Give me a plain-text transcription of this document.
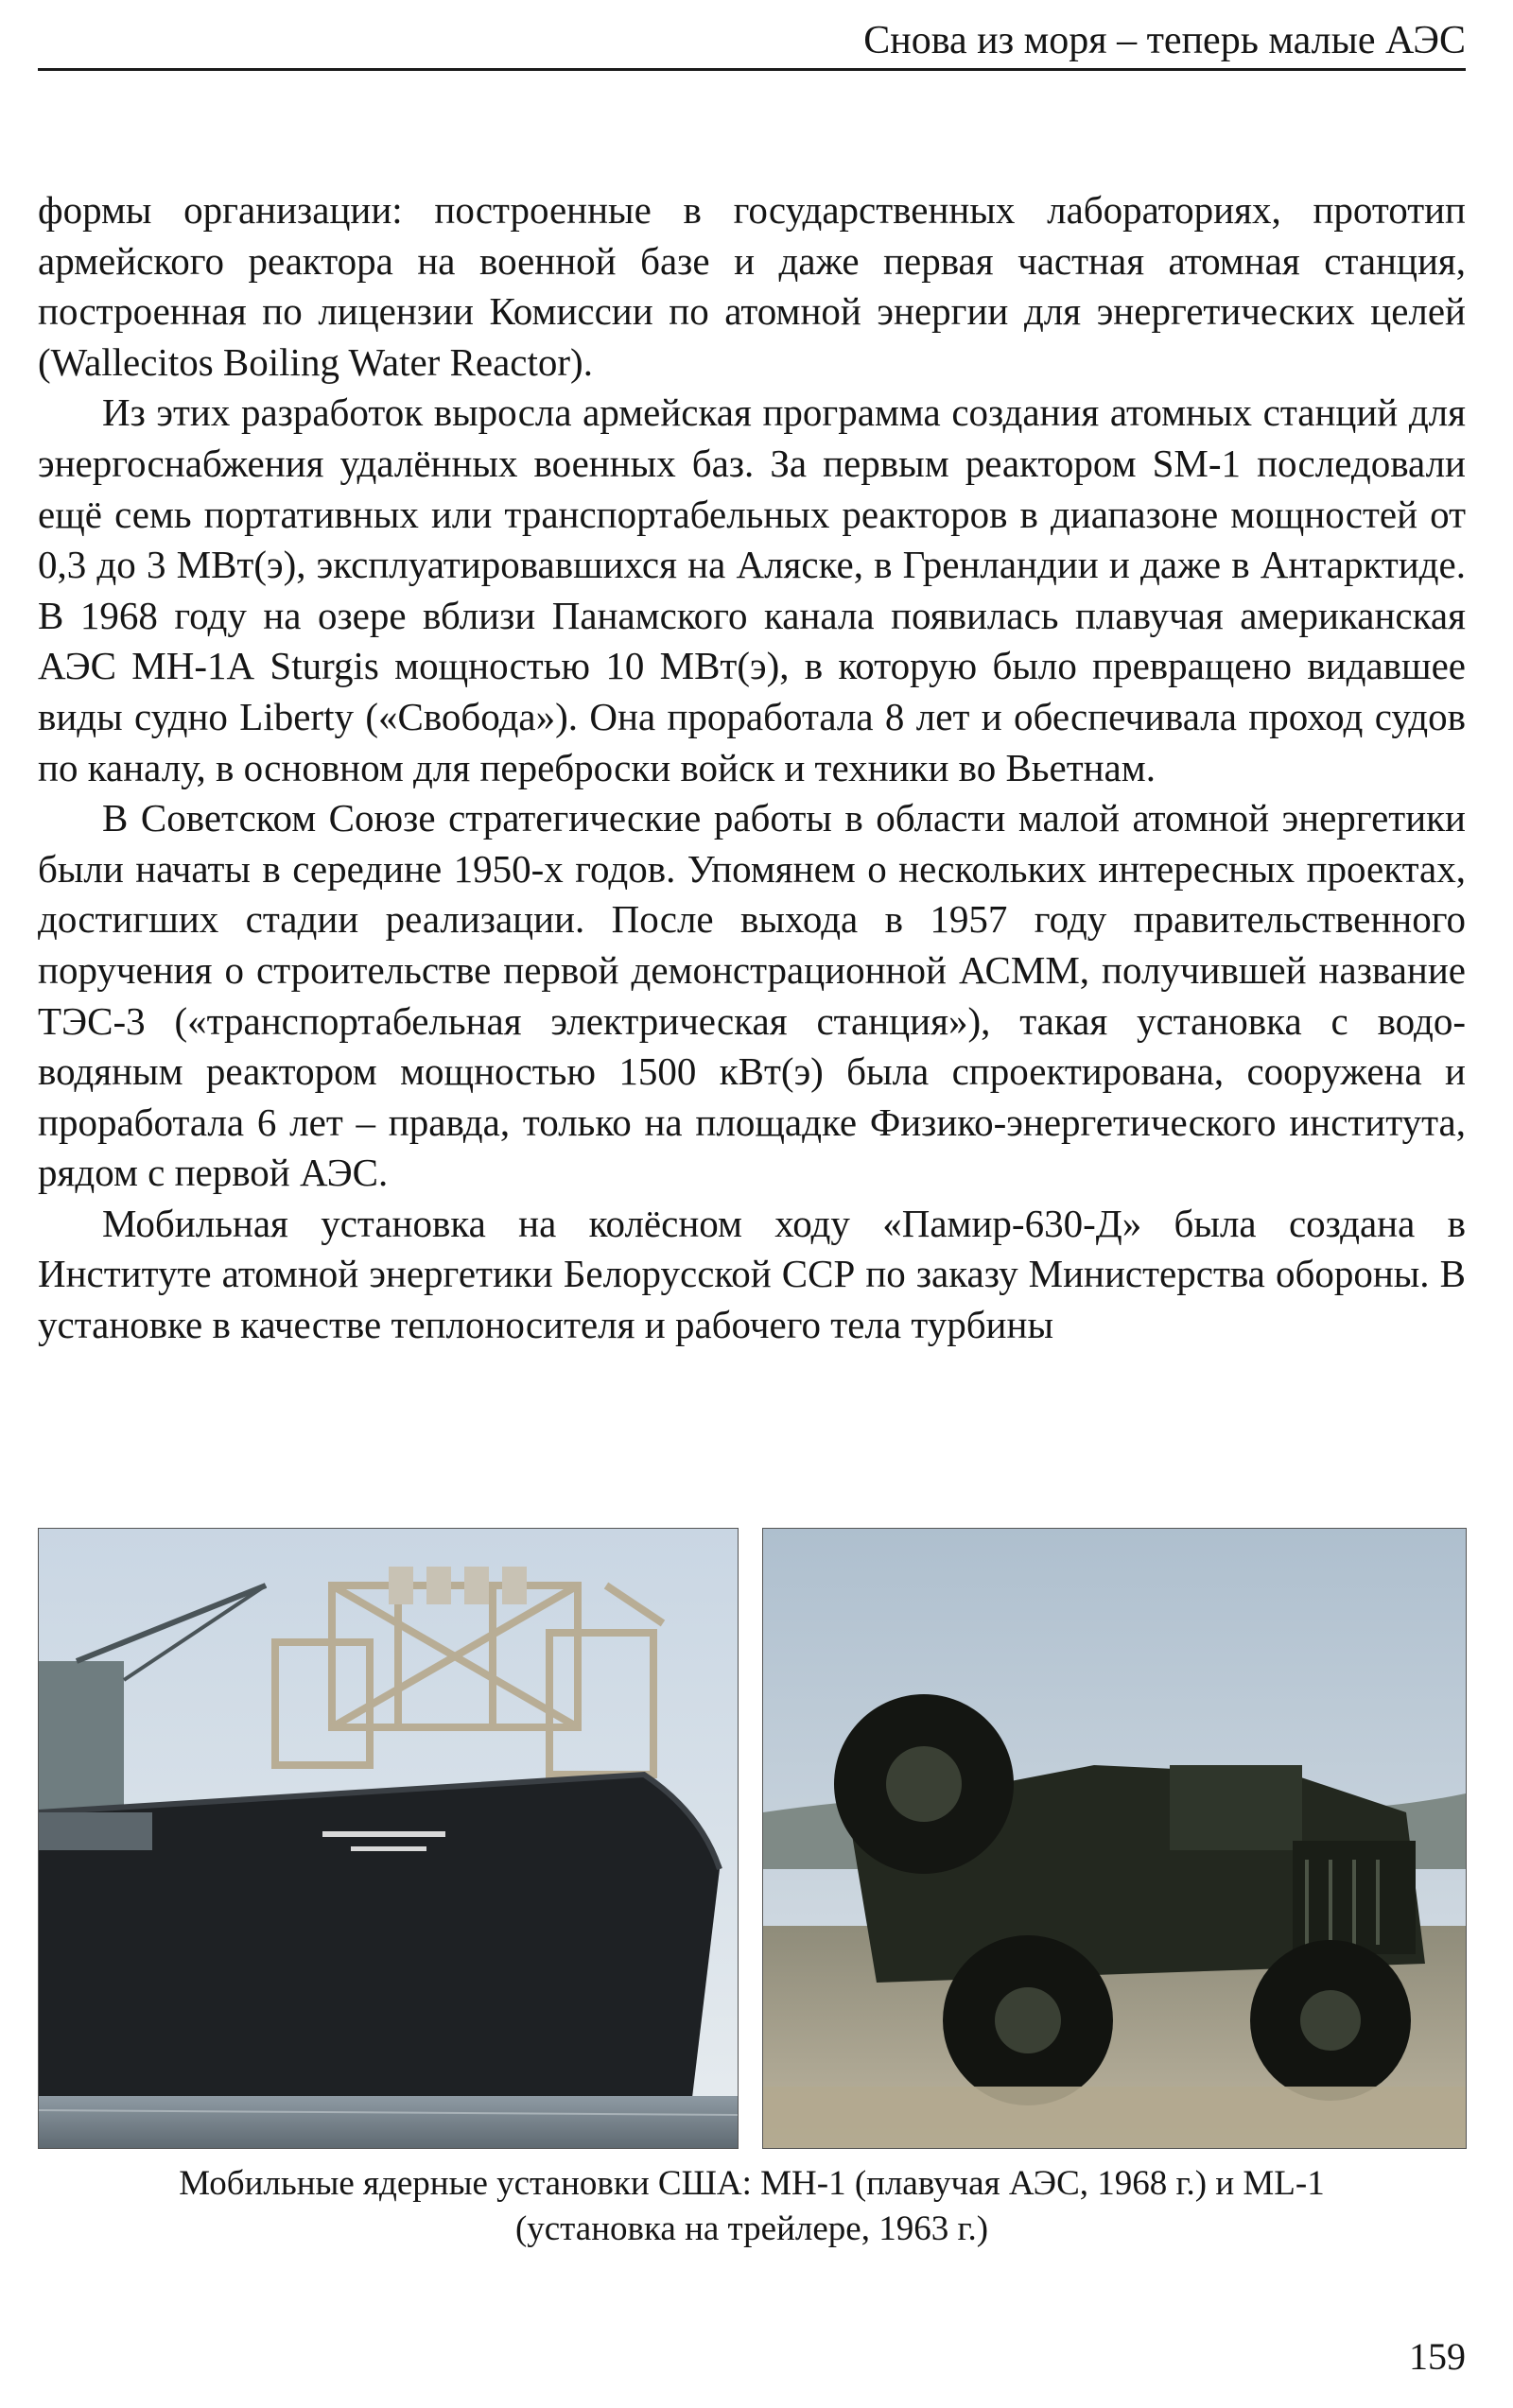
Снова из моря – теперь малые АЭС

формы организации: построенные в государственных лабораториях, прототип армейского реактора на военной базе и даже первая частная атомная станция, построенная по лицензии Комиссии по атомной энергии для энергетических целей (Wallecitos Boiling Water Reactor).

Из этих разработок выросла армейская программа создания атомных станций для энергоснабжения удалённых военных баз. За первым реактором SM-1 последовали ещё семь портативных или транспортабельных реакторов в диапазоне мощностей от 0,3 до 3 МВт(э), эксплуатировавшихся на Аляске, в Гренландии и даже в Антарктиде. В 1968 году на озере вблизи Панамского канала появилась плавучая американская АЭС МН-1А Sturgis мощностью 10 МВт(э), в которую было превращено видавшее виды судно Liberty («Свобода»). Она проработала 8 лет и обеспечивала проход судов по каналу, в основном для переброски войск и техники во Вьетнам.

В Советском Союзе стратегические работы в области малой атомной энергетики были начаты в середине 1950-х годов. Упомянем о нескольких интересных проектах, достигших стадии реализации. После выхода в 1957 году правительственного поручения о строительстве первой демонстрационной АСММ, получившей название ТЭС-3 («транспортабельная электрическая станция»), такая установка с водо-водяным реактором мощностью 1500 кВт(э) была спроектирована, сооружена и проработала 6 лет – правда, только на площадке Физико-энергетического института, рядом с первой АЭС.

Мобильная установка на колёсном ходу «Памир-630-Д» была создана в Институте атомной энергетики Белорусской ССР по заказу Министерства обороны. В установке в качестве теплоносителя и рабочего тела турбины

Мобильные ядерные установки США: МН-1 (плавучая АЭС, 1968 г.) и ML-1
(установка на трейлере, 1963 г.)
159
